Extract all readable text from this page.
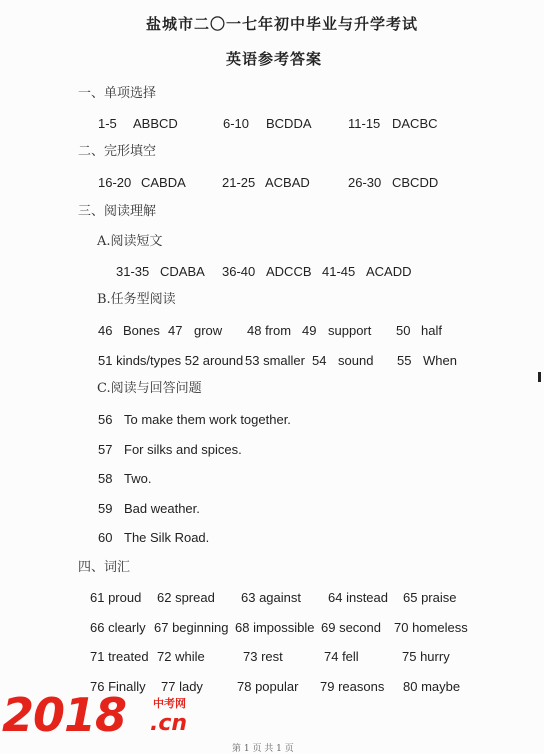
盐城市二〇一七年初中毕业与升学考试
英语参考答案
一、单项选择
1-5 ABBCD	6-10 BCDDA	11-15 DACBC
二、完形填空
16-20 CABDA	21-25 ACBAD	26-30 CBCDD
三、阅读理解
A.阅读短文
31-35 CDABA 36-40 ADCCB 41-45 ACADD
B.任务型阅读
46 Bones 47 grow 48 from 49 support 50 half
51 kinds/types 52 around 53 smaller 54 sound 55 When
C.阅读与回答问题
56 To make them work together.
57 For silks and spices.
58 Two.
59 Bad weather.
60 The Silk Road.
四、词汇
61 proud 62 spread 63 against 64 instead 65 praise
66 clearly 67 beginning 68 impossible 69 second 70 homeless
71 treated 72 while	73 rest	74 fell	75 hurry
76 Finally 77 lady	78 popular 79 reasons 80 maybe
2018 中考网
.cn
第 1 页 共 1 页
